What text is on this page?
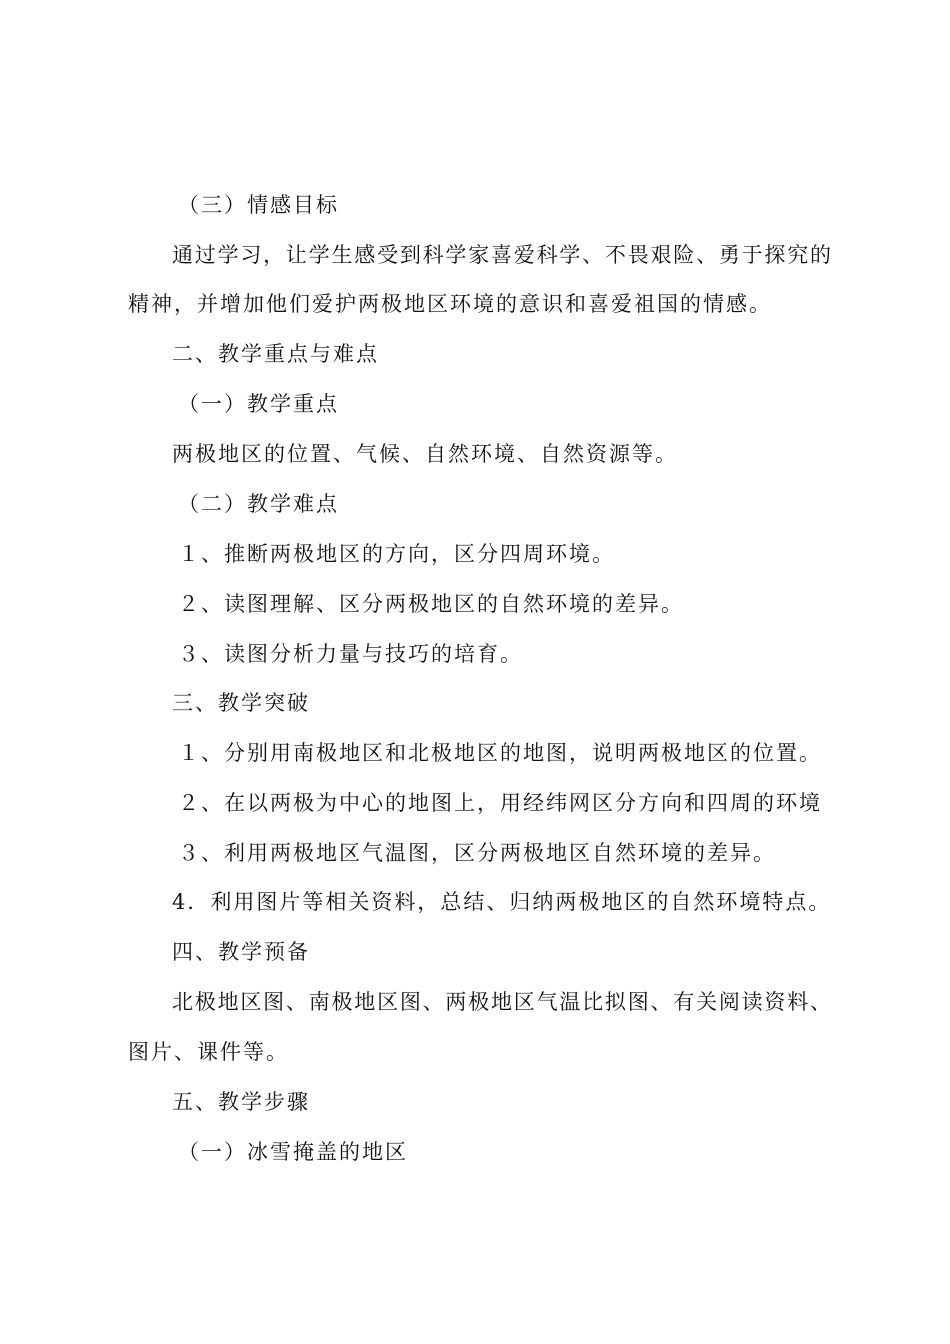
（三）情感目标
通过学习，让学生感受到科学家喜爱科学、不畏艰险、勇于探究的
精神，并增加他们爱护两极地区环境的意识和喜爱祖国的情感。
二、教学重点与难点
（一）教学重点
两极地区的位置、气候、自然环境、自然资源等。
（二）教学难点
１、推断两极地区的方向，区分四周环境。
２、读图理解、区分两极地区的自然环境的差异。
３、读图分析力量与技巧的培育。
三、教学突破
１、分别用南极地区和北极地区的地图，说明两极地区的位置。
２、在以两极为中心的地图上，用经纬网区分方向和四周的环境
３、利用两极地区气温图，区分两极地区自然环境的差异。
4．利用图片等相关资料，总结、归纳两极地区的自然环境特点。
四、教学预备
北极地区图、南极地区图、两极地区气温比拟图、有关阅读资料、
图片、课件等。
五、教学步骤
（一）冰雪掩盖的地区
